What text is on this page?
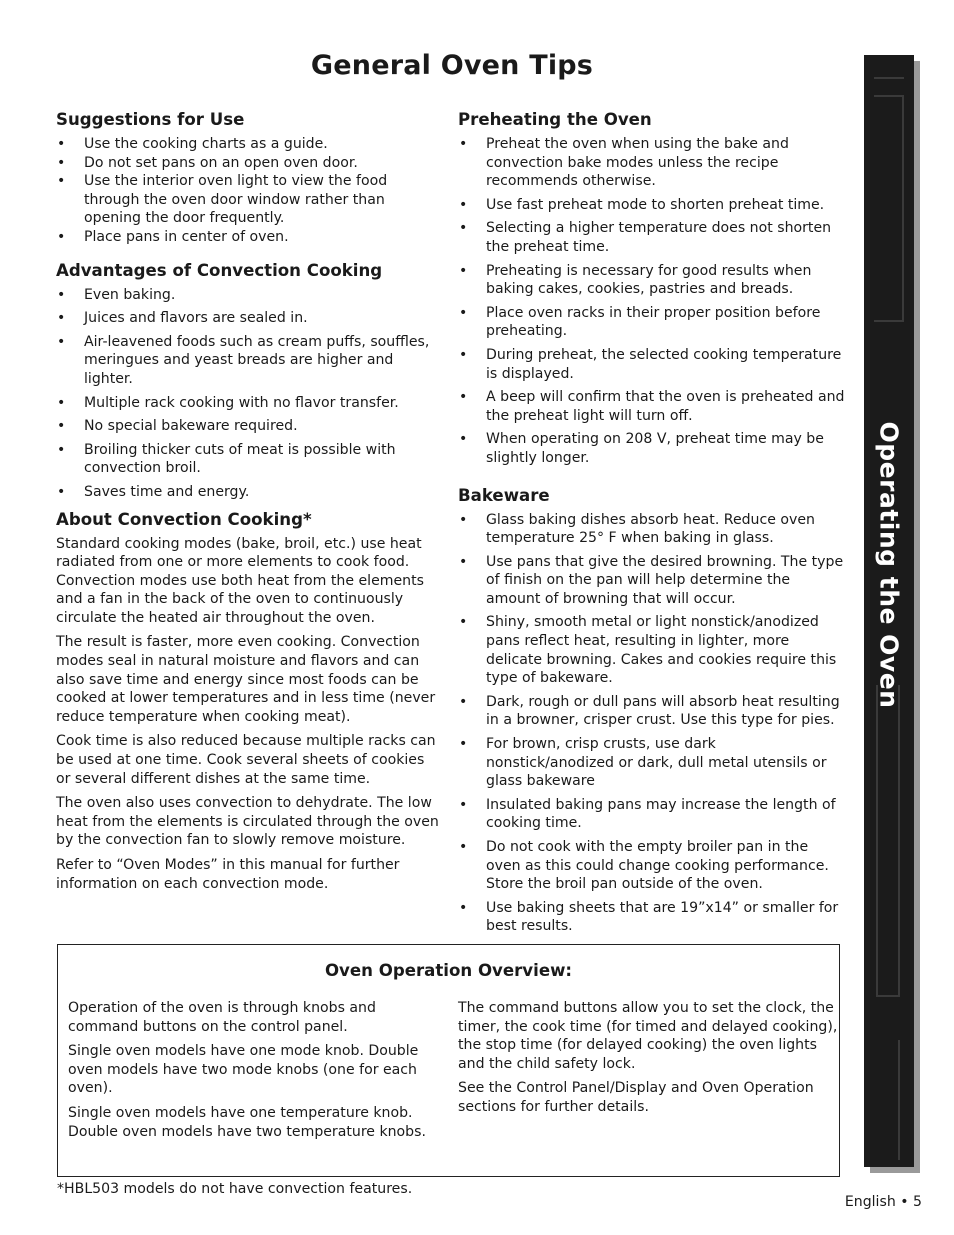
General Oven Tips
Suggestions for Use
• Use the cooking charts as a guide.
• Do not set pans on an open oven door.
• Use the interior oven light to view the food through the oven door window rather than opening the door frequently.
• Place pans in center of oven.
Advantages of Convection Cooking
• Even baking.
• Juices and flavors are sealed in.
• Air-leavened foods such as cream puffs, souffles, meringues and yeast breads are higher and lighter.
• Multiple rack cooking with no flavor transfer.
• No special bakeware required.
• Broiling thicker cuts of meat is possible with convection broil.
• Saves time and energy.
About Convection Cooking*

Standard cooking modes (bake, broil, etc.) use heat radiated from one or more elements to cook food. Convection modes use both heat from the elements and a fan in the back of the oven to continuously circulate the heated air throughout the oven.

The result is faster, more even cooking. Convection modes seal in natural moisture and flavors and can also save time and energy since most foods can be cooked at lower temperatures and in less time (never reduce temperature when cooking meat).

Cook time is also reduced because multiple racks can be used at one time. Cook several sheets of cookies or several different dishes at the same time.

The oven also uses convection to dehydrate. The low heat from the elements is circulated through the oven by the convection fan to slowly remove moisture.

Refer to “Oven Modes” in this manual for further information on each convection mode.

Preheating the Oven
• Preheat the oven when using the bake and convection bake modes unless the recipe recommends otherwise.
• Use fast preheat mode to shorten preheat time.
• Selecting a higher temperature does not shorten the preheat time.
• Preheating is necessary for good results when baking cakes, cookies, pastries and breads.
• Place oven racks in their proper position before preheating.
• During preheat, the selected cooking temperature is displayed.
• A beep will confirm that the oven is preheated and the preheat light will turn off.
• When operating on 208 V, preheat time may be slightly longer.
Bakeware
• Glass baking dishes absorb heat. Reduce oven temperature 25° F when baking in glass.
• Use pans that give the desired browning. The type of finish on the pan will help determine the amount of browning that will occur.
• Shiny, smooth metal or light nonstick/anodized pans reflect heat, resulting in lighter, more delicate browning. Cakes and cookies require this type of bakeware.
• Dark, rough or dull pans will absorb heat resulting in a browner, crisper crust. Use this type for pies.
• For brown, crisp crusts, use dark nonstick/anodized or dark, dull metal utensils or glass bakeware
• Insulated baking pans may increase the length of cooking time.
• Do not cook with the empty broiler pan in the oven as this could change cooking performance. Store the broil pan outside of the oven.
• Use baking sheets that are 19”x14” or smaller for best results.
Operating the Oven
Oven Operation Overview:

Operation of the oven is through knobs and command buttons on the control panel.

Single oven models have one mode knob. Double oven models have two mode knobs (one for each oven).

Single oven models have one temperature knob. Double oven models have two temperature knobs.

The command buttons allow you to set the clock, the timer, the cook time (for timed and delayed cooking), the stop time (for delayed cooking) the oven lights and the child safety lock.

See the Control Panel/Display and Oven Operation sections for further details.

*HBL503 models do not have convection features.
English • 5
